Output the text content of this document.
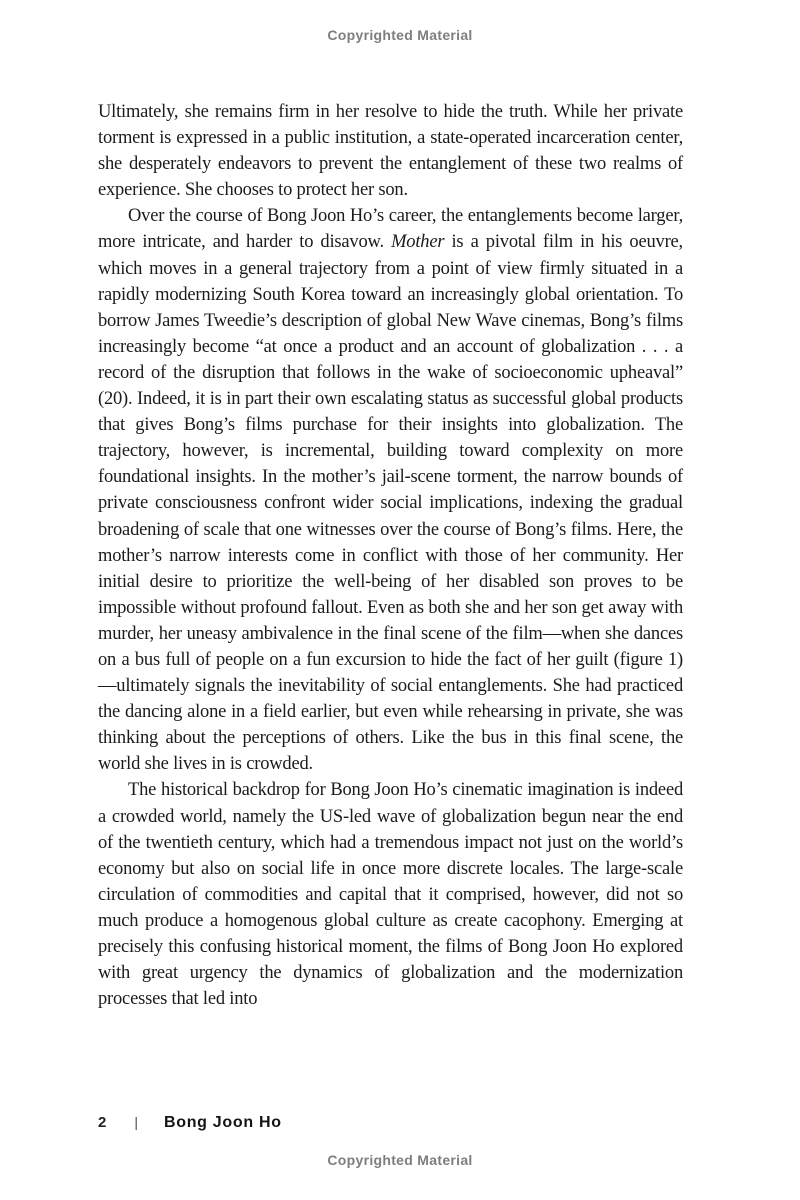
Copyrighted Material

Ultimately, she remains firm in her resolve to hide the truth. While her private torment is expressed in a public institution, a state-operated incarceration center, she desperately endeavors to prevent the entanglement of these two realms of experience. She chooses to protect her son.

Over the course of Bong Joon Ho’s career, the entanglements become larger, more intricate, and harder to disavow. Mother is a pivotal film in his oeuvre, which moves in a general trajectory from a point of view firmly situated in a rapidly modernizing South Korea toward an increasingly global orientation. To borrow James Tweedie’s description of global New Wave cinemas, Bong’s films increasingly become “at once a product and an account of globalization . . . a record of the disruption that follows in the wake of socioeconomic upheaval” (20). Indeed, it is in part their own escalating status as successful global products that gives Bong’s films purchase for their insights into globalization. The trajectory, however, is incremental, building toward complexity on more foundational insights. In the mother’s jail-scene torment, the narrow bounds of private consciousness confront wider social implications, indexing the gradual broadening of scale that one witnesses over the course of Bong’s films. Here, the mother’s narrow interests come in conflict with those of her community. Her initial desire to prioritize the well-being of her disabled son proves to be impossible without profound fallout. Even as both she and her son get away with murder, her uneasy ambivalence in the final scene of the film—when she dances on a bus full of people on a fun excursion to hide the fact of her guilt (figure 1)—ultimately signals the inevitability of social entanglements. She had practiced the dancing alone in a field earlier, but even while rehearsing in private, she was thinking about the perceptions of others. Like the bus in this final scene, the world she lives in is crowded.

The historical backdrop for Bong Joon Ho’s cinematic imagination is indeed a crowded world, namely the US-led wave of globalization begun near the end of the twentieth century, which had a tremendous impact not just on the world’s economy but also on social life in once more discrete locales. The large-scale circulation of commodities and capital that it comprised, however, did not so much produce a homogenous global culture as create cacophony. Emerging at precisely this confusing historical moment, the films of Bong Joon Ho explored with great urgency the dynamics of globalization and the modernization processes that led into

2 | Bong Joon Ho
Copyrighted Material
